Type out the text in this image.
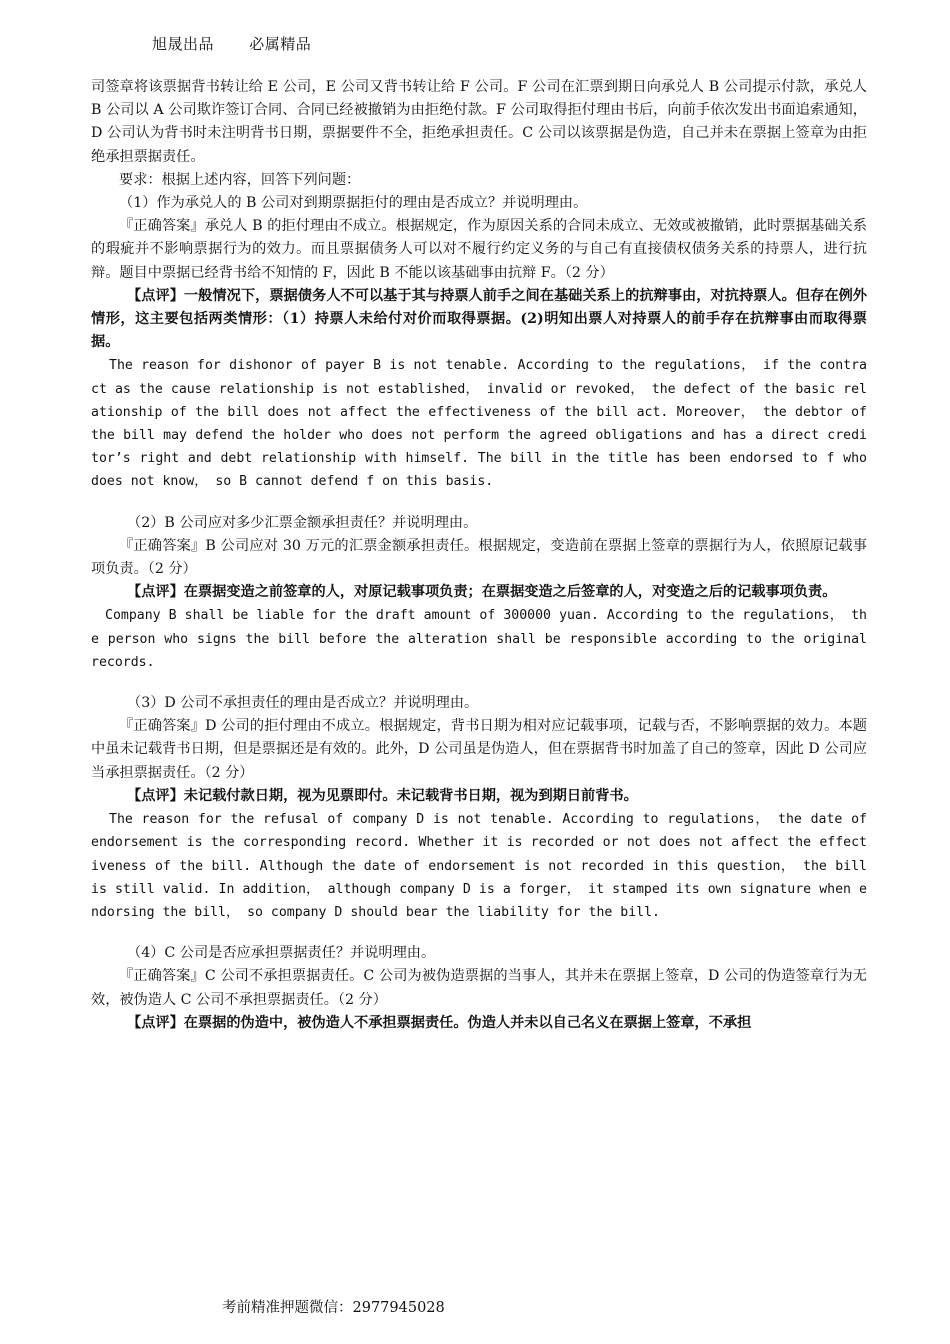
旭晟出品 必属精品

司签章将该票据背书转让给 E 公司，E 公司又背书转让给 F 公司。F 公司在汇票到期日向承兑人 B 公司提示付款，承兑人 B 公司以 A 公司欺诈签订合同、合同已经被撤销为由拒绝付款。F 公司取得拒付理由书后，向前手依次发出书面追索通知，D 公司认为背书时未注明背书日期，票据要件不全，拒绝承担责任。C 公司以该票据是伪造，自己并未在票据上签章为由拒绝承担票据责任。

要求：根据上述内容，回答下列问题：

（1）作为承兑人的 B 公司对到期票据拒付的理由是否成立？并说明理由。

『正确答案』承兑人 B 的拒付理由不成立。根据规定，作为原因关系的合同未成立、无效或被撤销，此时票据基础关系的瑕疵并不影响票据行为的效力。而且票据债务人可以对不履行约定义务的与自己有直接债权债务关系的持票人，进行抗辩。题目中票据已经背书给不知情的 F，因此 B 不能以该基础事由抗辩 F。（2 分）

【点评】一般情况下，票据债务人不可以基于其与持票人前手之间在基础关系上的抗辩事由，对抗持票人。但存在例外情形，这主要包括两类情形：（1）持票人未给付对价而取得票据。(2)明知出票人对持票人的前手存在抗辩事由而取得票据。

The reason for dishonor of payer B is not tenable. According to the regulations， if the contract as the cause relationship is not established， invalid or revoked， the defect of the basic relationship of the bill does not affect the effectiveness of the bill act. Moreover， the debtor of the bill may defend the holder who does not perform the agreed obligations and has a direct creditor’s right and debt relationship with himself. The bill in the title has been endorsed to f who does not know， so B cannot defend f on this basis.

（2）B 公司应对多少汇票金额承担责任？并说明理由。

『正确答案』B 公司应对 30 万元的汇票金额承担责任。根据规定，变造前在票据上签章的票据行为人，依照原记载事项负责。（2 分）

【点评】在票据变造之前签章的人，对原记载事项负责；在票据变造之后签章的人，对变造之后的记载事项负责。

Company B shall be liable for the draft amount of 300000 yuan. According to the regulations， the person who signs the bill before the alteration shall be responsible according to the original records.

（3）D 公司不承担责任的理由是否成立？并说明理由。

『正确答案』D 公司的拒付理由不成立。根据规定，背书日期为相对应记载事项，记载与否，不影响票据的效力。本题中虽未记载背书日期，但是票据还是有效的。此外，D 公司虽是伪造人，但在票据背书时加盖了自己的签章，因此 D 公司应当承担票据责任。（2 分）

【点评】未记载付款日期，视为见票即付。未记载背书日期，视为到期日前背书。

The reason for the refusal of company D is not tenable. According to regulations， the date of endorsement is the corresponding record. Whether it is recorded or not does not affect the effectiveness of the bill. Although the date of endorsement is not recorded in this question， the bill is still valid. In addition， although company D is a forger， it stamped its own signature when endorsing the bill， so company D should bear the liability for the bill.

（4）C 公司是否应承担票据责任？并说明理由。

『正确答案』C 公司不承担票据责任。C 公司为被伪造票据的当事人，其并未在票据上签章，D 公司的伪造签章行为无效，被伪造人 C 公司不承担票据责任。（2 分）

【点评】在票据的伪造中，被伪造人不承担票据责任。伪造人并未以自己名义在票据上签章，不承担

考前精准押题微信：2977945028
